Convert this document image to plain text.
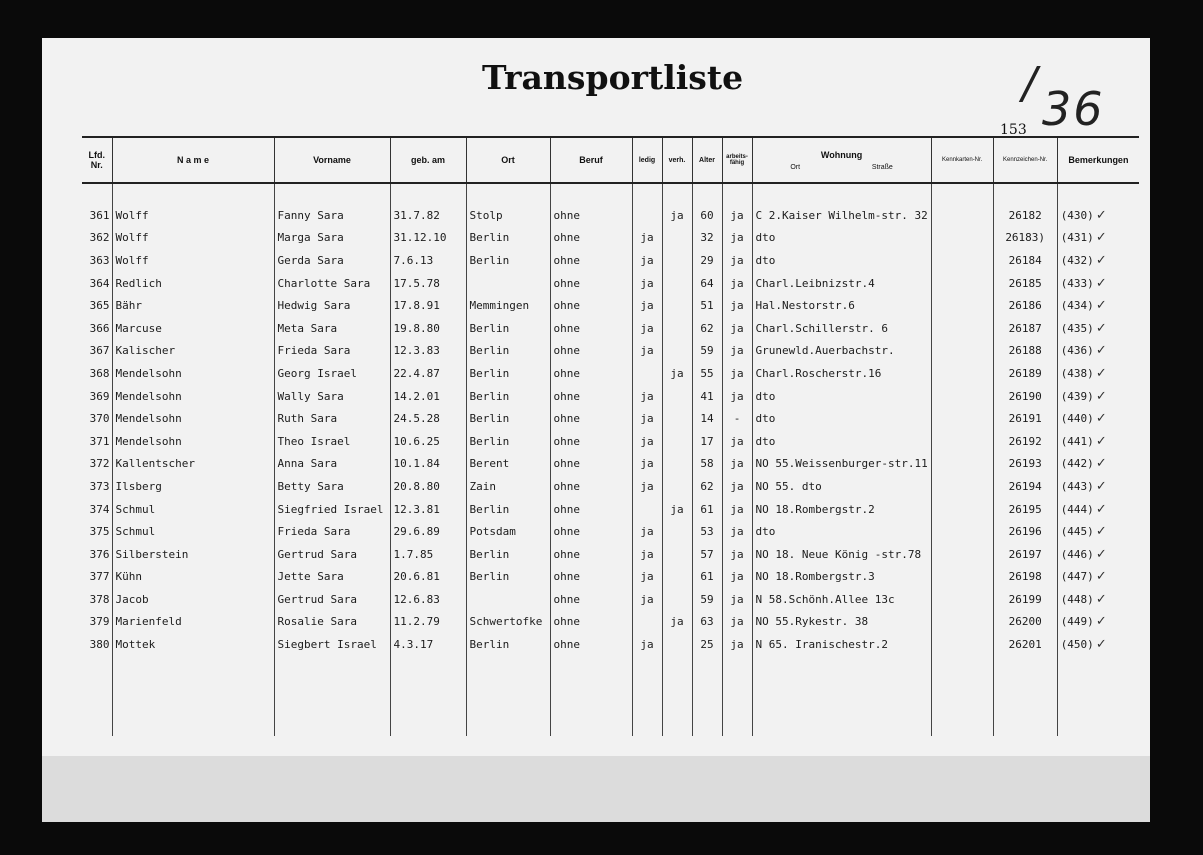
Transportliste	/ 36
153
Lfd. Nr.	N a m e	Vorname	geb. am	Ort	Beruf	ledig	verh.	Alter	arbeits-fähig	Wohnung
Ort Straße	Kennkarten-Nr.	Kennzeichen-Nr.	Bemerkungen

361	Wolff	Fanny Sara	31.7.82	Stolp	ohne		ja	60	ja	C 2.Kaiser Wilhelm-str. 32		26182	(430) ✓
362	Wolff	Marga Sara	31.12.10	Berlin	ohne	ja		32	ja	dto		26183)	(431) ✓
363	Wolff	Gerda Sara	7.6.13	Berlin	ohne	ja		29	ja	dto		26184	(432) ✓
364	Redlich	Charlotte Sara	17.5.78		ohne	ja		64	ja	Charl.Leibnizstr.4		26185	(433) ✓
365	Bähr	Hedwig Sara	17.8.91	Memmingen	ohne	ja		51	ja	Hal.Nestorstr.6		26186	(434) ✓
366	Marcuse	Meta Sara	19.8.80	Berlin	ohne	ja		62	ja	Charl.Schillerstr. 6		26187	(435) ✓
367	Kalischer	Frieda Sara	12.3.83	Berlin	ohne	ja		59	ja	Grunewld.Auerbachstr.		26188	(436) ✓
368	Mendelsohn	Georg Israel	22.4.87	Berlin	ohne		ja	55	ja	Charl.Roscherstr.16		26189	(438) ✓
369	Mendelsohn	Wally Sara	14.2.01	Berlin	ohne	ja		41	ja	dto		26190	(439) ✓
370	Mendelsohn	Ruth Sara	24.5.28	Berlin	ohne	ja		14	-	dto		26191	(440) ✓
371	Mendelsohn	Theo Israel	10.6.25	Berlin	ohne	ja		17	ja	dto		26192	(441) ✓
372	Kallentscher	Anna Sara	10.1.84	Berent	ohne	ja		58	ja	NO 55.Weissenburger-str.11		26193	(442) ✓
373	Ilsberg	Betty Sara	20.8.80	Zain	ohne	ja		62	ja	NO 55. dto		26194	(443) ✓
374	Schmul	Siegfried Israel	12.3.81	Berlin	ohne		ja	61	ja	NO 18.Rombergstr.2		26195	(444) ✓
375	Schmul	Frieda Sara	29.6.89	Potsdam	ohne	ja		53	ja	dto		26196	(445) ✓
376	Silberstein	Gertrud Sara	1.7.85	Berlin	ohne	ja		57	ja	NO 18. Neue König -str.78		26197	(446) ✓
377	Kühn	Jette Sara	20.6.81	Berlin	ohne	ja		61	ja	NO 18.Rombergstr.3		26198	(447) ✓
378	Jacob	Gertrud Sara	12.6.83		ohne	ja		59	ja	N 58.Schönh.Allee 13c		26199	(448) ✓
379	Marienfeld	Rosalie Sara	11.2.79	Schwertofke	ohne		ja	63	ja	NO 55.Rykestr. 38		26200	(449) ✓
380	Mottek	Siegbert Israel	4.3.17	Berlin	ohne	ja		25	ja	N 65. Iranischestr.2		26201	(450) ✓
